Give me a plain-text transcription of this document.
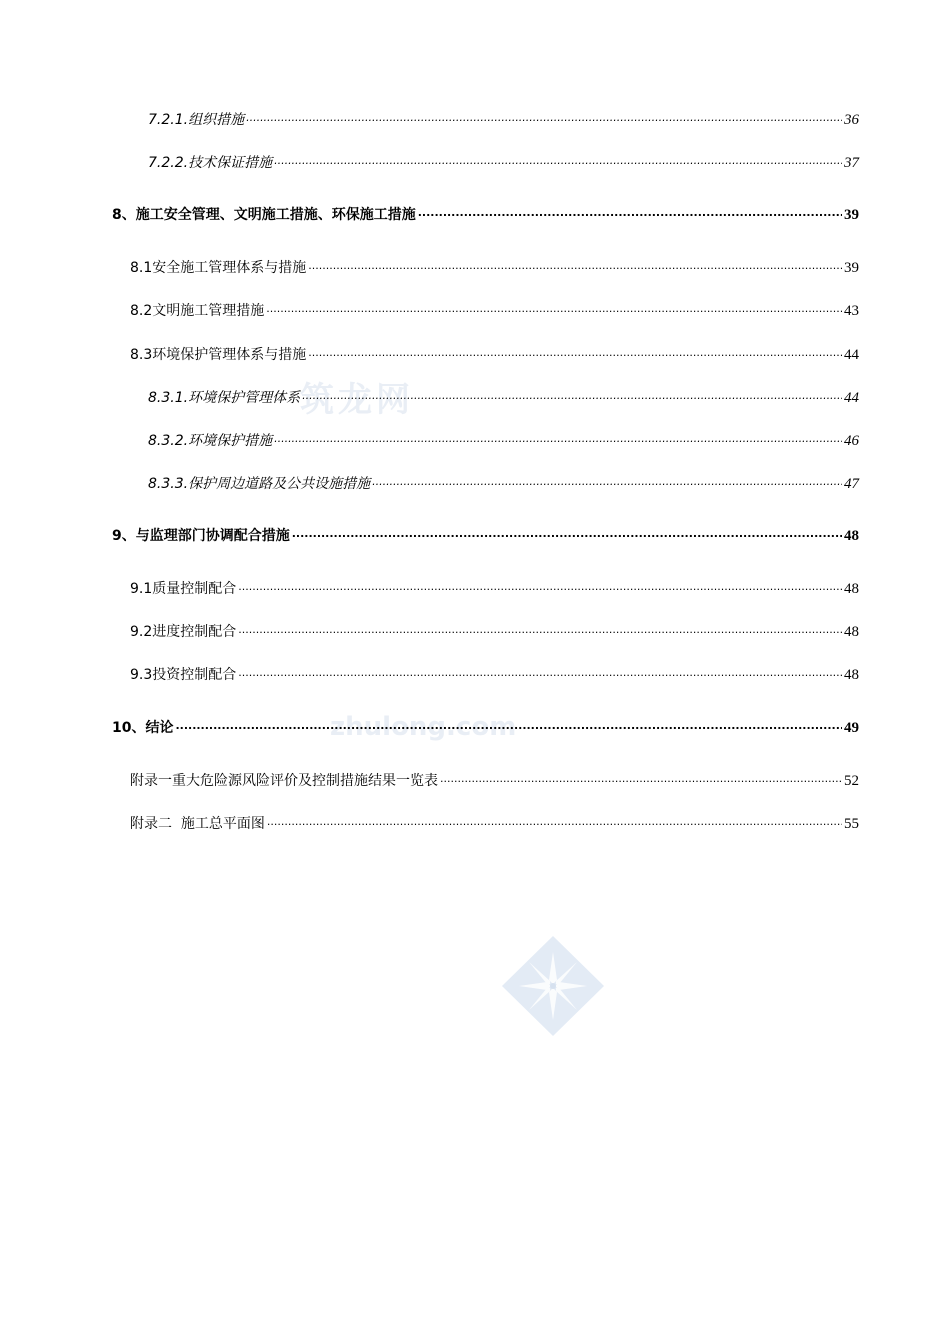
筑龙网
zhulong.com
7.2.1.组织措施 .....	36
7.2.2.技术保证措施 .....	37
8、施工安全管理、文明施工措施、环保施工措施 .....	39
8.1安全施工管理体系与措施 .....	39
8.2文明施工管理措施 .....	43
8.3环境保护管理体系与措施 .....	44
8.3.1.环境保护管理体系 .....	44
8.3.2.环境保护措施 .....	46
8.3.3.保护周边道路及公共设施措施 .....	47
9、与监理部门协调配合措施 .....	48
9.1质量控制配合 .....	48
9.2进度控制配合 .....	48
9.3投资控制配合 .....	48
10、结论 .....	49
附录一重大危险源风险评价及控制措施结果一览表 .....	52
附录二  施工总平面图 .....	55
